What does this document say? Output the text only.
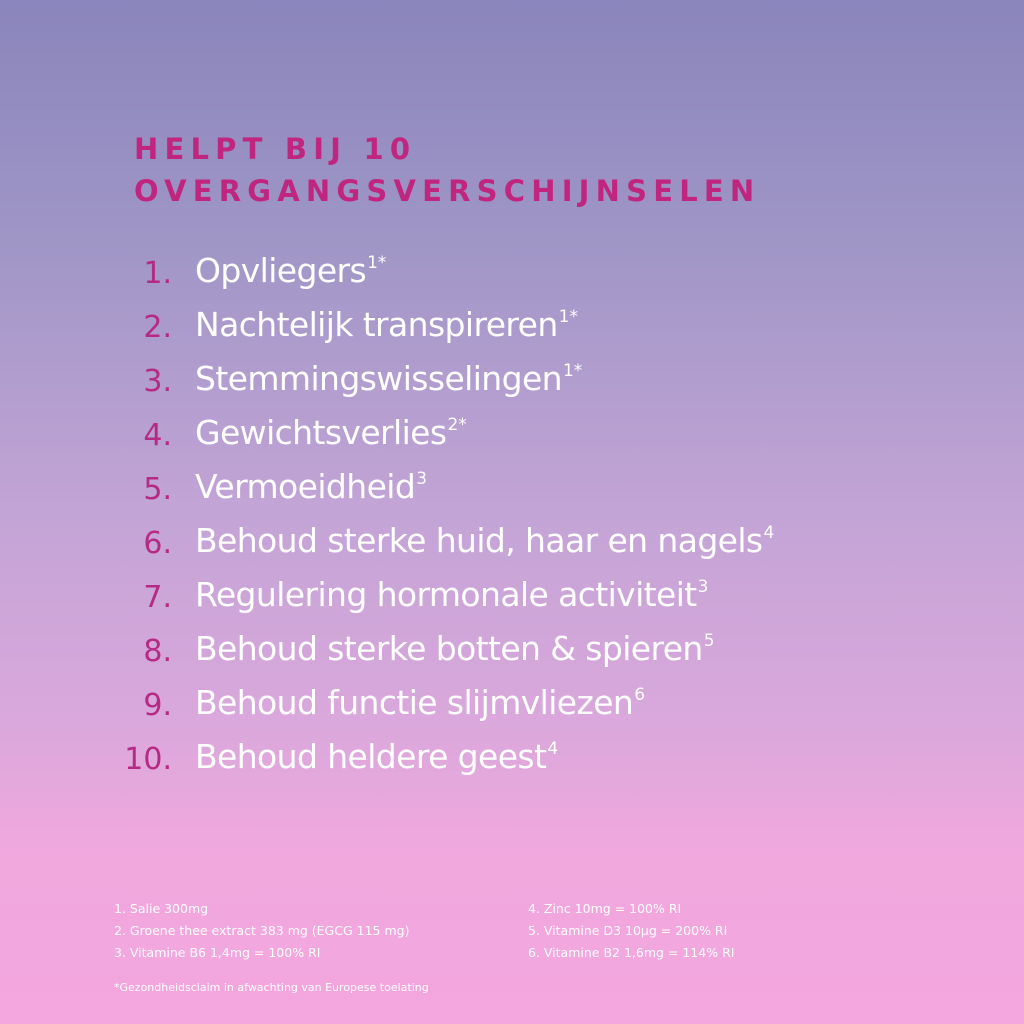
HELPT BIJ 10
OVERGANGSVERSCHIJNSELEN
1. Opvliegers$^{1*}$
2. Nachtelijk transpireren$^{1*}$
3. Stemmingswisselingen$^{1*}$
4. Gewichtsverlies$^{2*}$
5. Vermoeidheid$^3$
6. Behoud sterke huid, haar en nagels$^4$
7. Regulering hormonale activiteit$^3$
8. Behoud sterke botten & spieren$^5$
9. Behoud functie slijmvliezen$^6$
10. Behoud heldere geest$^4$
1. Salie 300mg
2. Groene thee extract 383 mg (EGCG 115 mg)
3. Vitamine B6 1,4mg = 100% RI
4. Zinc 10mg = 100% RI
5. Vitamine D3 10µg = 200% RI
6. Vitamine B2 1,6mg = 114% RI

*Gezondheidsclaim in afwachting van Europese toelating
